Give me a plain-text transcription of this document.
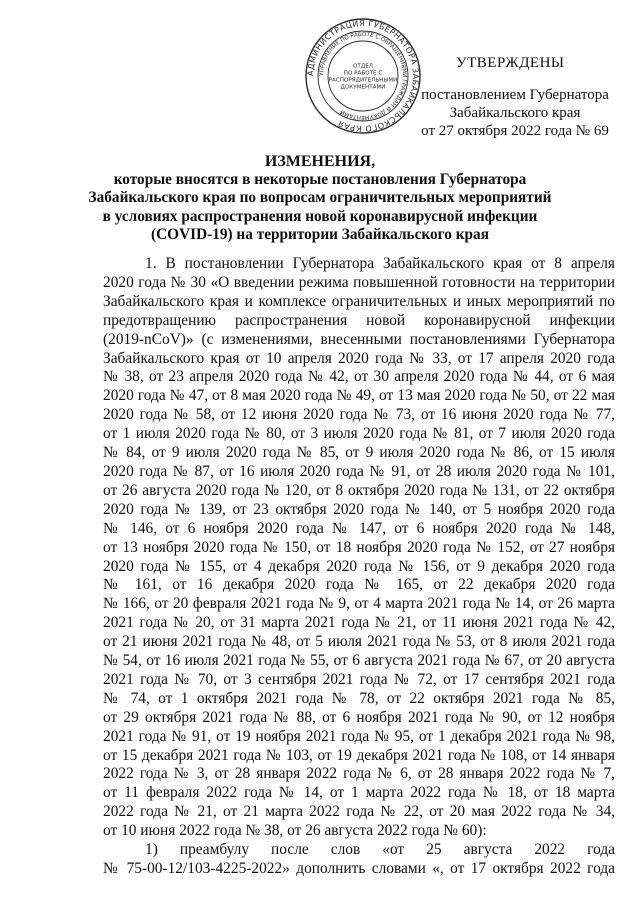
АДМИНИСТРАЦИЯ ГУБЕРНАТОРА ЗАБАЙКАЛЬСКОГО КРАЯ
УПРАВЛЕНИЕ ПО РАБОТЕ С ОБРАЩЕНИЯМИ ГРАЖДАН И ДОКУМЕНТАМИ
ОТДЕЛ
ПО РАБОТЕ С
РАСПОРЯДИТЕЛЬНЫМИ
ДОКУМЕНТАМИ
УТВЕРЖДЕНЫ
постановлением Губернатора
Забайкальского края
от 27 октября 2022 года № 69
ИЗМЕНЕНИЯ,
которые вносятся в некоторые постановления Губернатора
Забайкальского края по вопросам ограничительных мероприятий
в условиях распространения новой коронавирусной инфекции
(COVID-19) на территории Забайкальского края
1. В постановлении Губернатора Забайкальского края от 8 апреля
2020 года № 30 «О введении режима повышенной готовности на территории
Забайкальского края и комплексе ограничительных и иных мероприятий по
предотвращению распространения новой коронавирусной инфекции
(2019-nCoV)» (с изменениями, внесенными постановлениями Губернатора
Забайкальского края от 10 апреля 2020 года № 33, от 17 апреля 2020 года
№ 38, от 23 апреля 2020 года № 42, от 30 апреля 2020 года № 44, от 6 мая
2020 года № 47, от 8 мая 2020 года № 49, от 13 мая 2020 года № 50, от 22 мая
2020 года № 58, от 12 июня 2020 года № 73, от 16 июня 2020 года № 77,
от 1 июля 2020 года № 80, от 3 июля 2020 года № 81, от 7 июля 2020 года
№ 84, от 9 июля 2020 года № 85, от 9 июля 2020 года № 86, от 15 июля
2020 года № 87, от 16 июля 2020 года № 91, от 28 июля 2020 года № 101,
от 26 августа 2020 года № 120, от 8 октября 2020 года № 131, от 22 октября
2020 года № 139, от 23 октября 2020 года № 140, от 5 ноября 2020 года
№ 146, от 6 ноября 2020 года № 147, от 6 ноября 2020 года № 148,
от 13 ноября 2020 года № 150, от 18 ноября 2020 года № 152, от 27 ноября
2020 года № 155, от 4 декабря 2020 года № 156, от 9 декабря 2020 года
№ 161, от 16 декабря 2020 года № 165, от 22 декабря 2020 года
№ 166, от 20 февраля 2021 года № 9, от 4 марта 2021 года № 14, от 26 марта
2021 года № 20, от 31 марта 2021 года № 21, от 11 июня 2021 года № 42,
от 21 июня 2021 года № 48, от 5 июля 2021 года № 53, от 8 июля 2021 года
№ 54, от 16 июля 2021 года № 55, от 6 августа 2021 года № 67, от 20 августа
2021 года № 70, от 3 сентября 2021 года № 72, от 17 сентября 2021 года
№ 74, от 1 октября 2021 года № 78, от 22 октября 2021 года № 85,
от 29 октября 2021 года № 88, от 6 ноября 2021 года № 90, от 12 ноября
2021 года № 91, от 19 ноября 2021 года № 95, от 1 декабря 2021 года № 98,
от 15 декабря 2021 года № 103, от 19 декабря 2021 года № 108, от 14 января
2022 года № 3, от 28 января 2022 года № 6, от 28 января 2022 года № 7,
от 11 февраля 2022 года № 14, от 1 марта 2022 года № 18, от 18 марта
2022 года № 21, от 21 марта 2022 года № 22, от 20 мая 2022 года № 34,
от 10 июня 2022 года № 38, от 26 августа 2022 года № 60):
1) преамбулу после слов «от 25 августа 2022 года
№ 75-00-12/103-4225-2022» дополнить словами «, от 17 октября 2022 года
